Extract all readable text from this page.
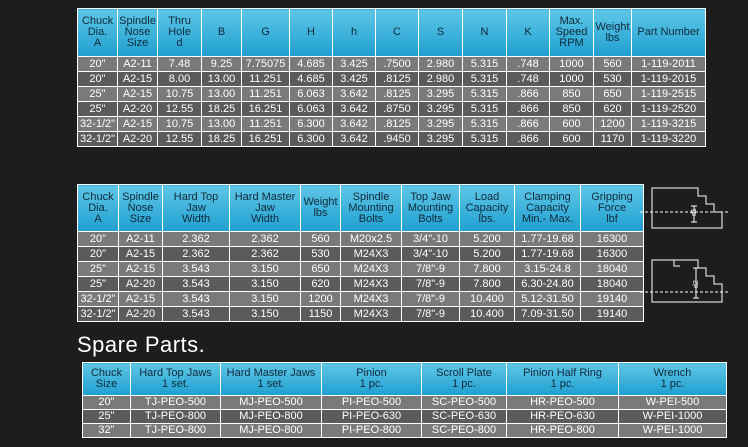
Chuck
Dia.
A	Spindle
Nose
Size	Thru
Hole
d	B	G	H	h	C	S	N	K	Max.
Speed
RPM	Weight
lbs	Part Number
20"	A2-11	7.48	9.25	7.75075	4.685	3.425	.7500	2.980	5.315	.748	1000	560	1-119-2011
20"	A2-15	8.00	13.00	11.251	4.685	3.425	.8125	2.980	5.315	.748	1000	530	1-119-2015
25"	A2-15	10.75	13.00	11.251	6.063	3.642	.8125	3.295	5.315	.866	850	650	1-119-2515
25"	A2-20	12.55	18.25	16.251	6.063	3.642	.8750	3.295	5.315	.866	850	620	1-119-2520
32-1/2"	A2-15	10.75	13.00	11.251	6.300	3.642	.8125	3.295	5.315	.866	600	1200	1-119-3215
32-1/2"	A2-20	12.55	18.25	16.251	6.300	3.642	.9450	3.295	5.315	.866	600	1170	1-119-3220
Chuck
Dia.
A	Spindle
Nose
Size	Hard Top
Jaw
Width	Hard Master
Jaw
Width	Weight
lbs	Spindle
Mounting
Bolts	Top Jaw
Mounting
Bolts	Load
Capacity
lbs.	Clamping
Capacity
Min.- Max.	Gripping
Force
lbf
20"	A2-11	2.362	2.362	560	M20x2.5	3/4"-10	5.200	1.77-19.68	16300
20"	A2-15	2.362	2.362	530	M24X3	3/4"-10	5.200	1.77-19.68	16300
25"	A2-15	3.543	3.150	650	M24X3	7/8"-9	7.800	3.15-24.8	18040
25"	A2-20	3.543	3.150	620	M24X3	7/8"-9	7.800	6.30-24.80	18040
32-1/2"	A2-15	3.543	3.150	1200	M24X3	7/8"-9	10.400	5.12-31.50	19140
32-1/2"	A2-20	3.543	3.150	1150	M24X3	7/8"-9	10.400	7.09-31.50	19140
d1
d2
Spare Parts.
Chuck
Size	Hard Top Jaws
1 set.	Hard Master Jaws
1 set.	Pinion
1 pc.	Scroll Plate
1 pc.	Pinion Half Ring
1 pc.	Wrench
1 pc.
20"	TJ-PEO-500	MJ-PEO-500	PI-PEO-500	SC-PEO-500	HR-PEO-500	W-PEI-500
25"	TJ-PEO-800	MJ-PEO-800	PI-PEO-630	SC-PEO-630	HR-PEO-630	W-PEI-1000
32"	TJ-PEO-800	MJ-PEO-800	PI-PEO-800	SC-PEO-800	HR-PEO-800	W-PEI-1000
